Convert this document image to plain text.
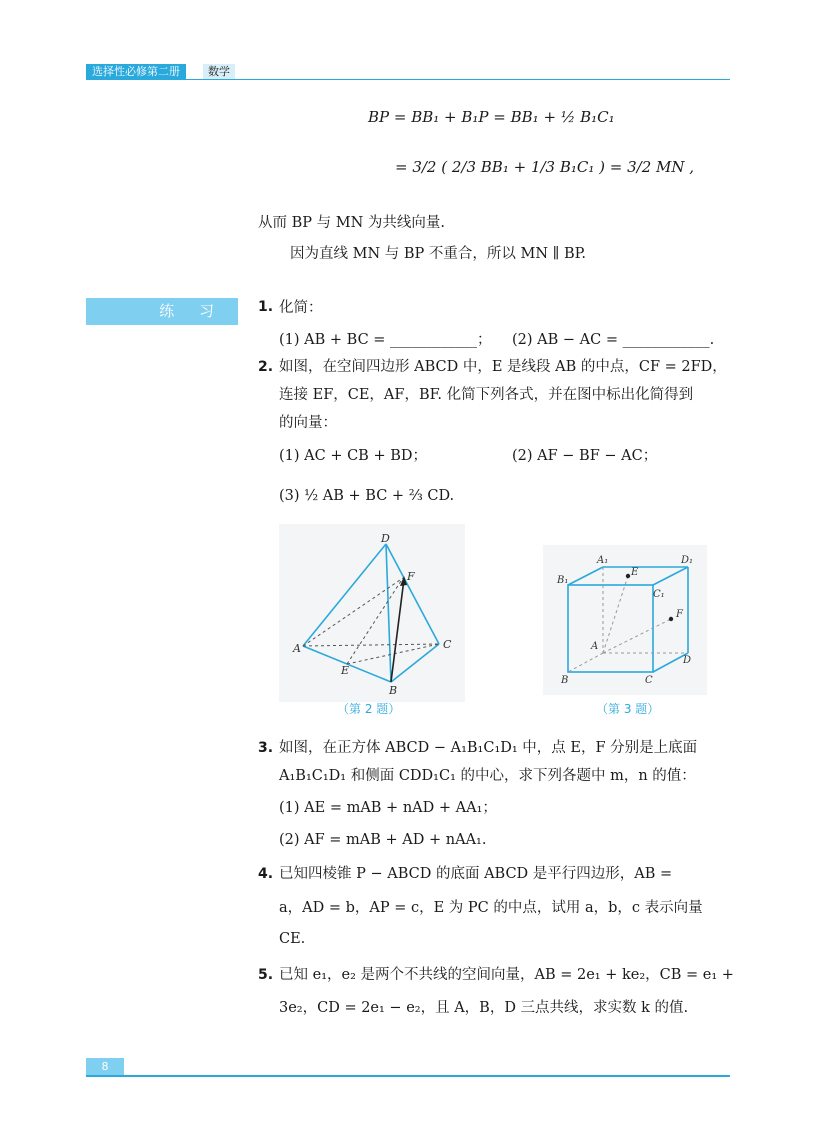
选择性必修第二册	数学
BP = BB₁ + B₁P = BB₁ + ½ B₁C₁
= 3/2 ( 2/3 BB₁ + 1/3 B₁C₁ ) = 3/2 MN ,
从而 BP 与 MN 为共线向量.
因为直线 MN 与 BP 不重合，所以 MN ∥ BP.
练 习	1. 化简：
(1) AB + BC = ____________； (2) AB − AC = ____________.
2. 如图，在空间四边形 ABCD 中，E 是线段 AB 的中点，CF = 2FD，
连接 EF，CE，AF，BF. 化简下列各式，并在图中标出化简得到
的向量：
(1) AC + CB + BD；	(2) AF − BF − AC；
(3) ½ AB + BC + ⅔ CD.
D
F
A	C
E
B
（第 2 题）
A₁	D₁
B₁
E
C₁
F
A
D
B	C
（第 3 题）
3. 如图，在正方体 ABCD − A₁B₁C₁D₁ 中，点 E，F 分别是上底面
A₁B₁C₁D₁ 和侧面 CDD₁C₁ 的中心，求下列各题中 m，n 的值：
(1) AE = mAB + nAD + AA₁；
(2) AF = mAB + AD + nAA₁.
4. 已知四棱锥 P − ABCD 的底面 ABCD 是平行四边形，AB =
a，AD = b，AP = c，E 为 PC 的中点，试用 a，b，c 表示向量
CE.
5. 已知 e₁，e₂ 是两个不共线的空间向量，AB = 2e₁ + ke₂，CB = e₁ +
3e₂，CD = 2e₁ − e₂，且 A，B，D 三点共线，求实数 k 的值.
8
